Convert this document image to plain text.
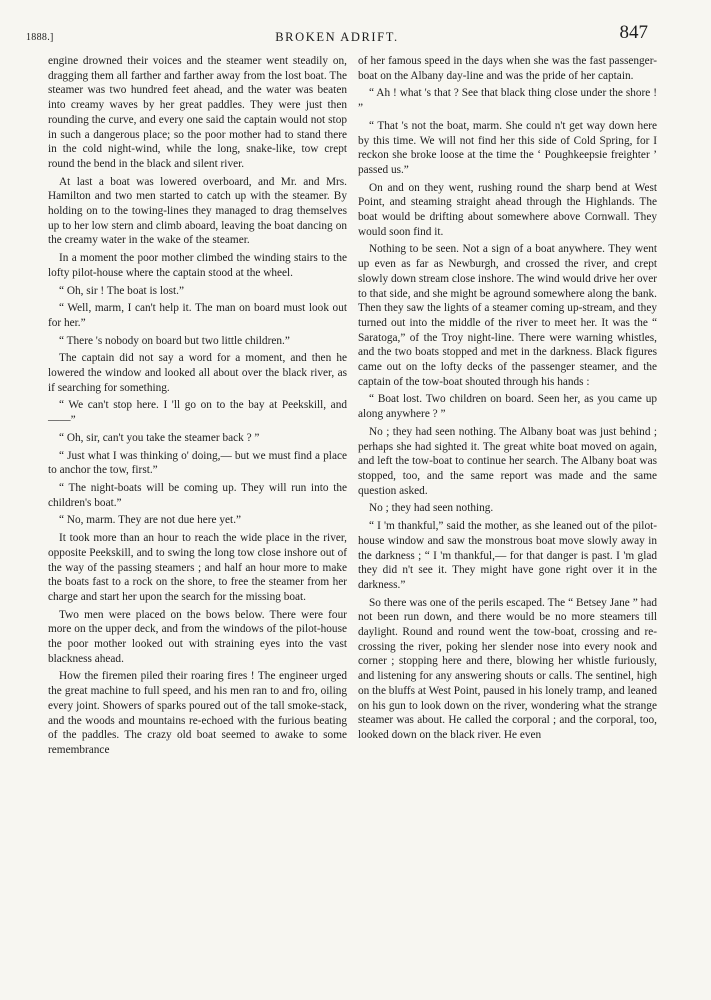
1888.]	BROKEN ADRIFT.	847

engine drowned their voices and the steamer went steadily on, dragging them all farther and farther away from the lost boat. The steamer was two hundred feet ahead, and the water was beaten into creamy waves by her great paddles. They were just then rounding the curve, and every one said the captain would not stop in such a dangerous place; so the poor mother had to stand there in the cold night-wind, while the long, snake-like, tow crept round the bend in the black and silent river.

At last a boat was lowered overboard, and Mr. and Mrs. Hamilton and two men started to catch up with the steamer. By holding on to the towing-lines they managed to drag themselves up to her low stern and climb aboard, leaving the boat dancing on the creamy water in the wake of the steamer.

In a moment the poor mother climbed the winding stairs to the lofty pilot-house where the captain stood at the wheel.

“ Oh, sir ! The boat is lost.”

“ Well, marm, I can't help it. The man on board must look out for her.”

“ There 's nobody on board but two little children.”

The captain did not say a word for a moment, and then he lowered the window and looked all about over the black river, as if searching for something.

“ We can't stop here. I 'll go on to the bay at Peekskill, and ——”

“ Oh, sir, can't you take the steamer back ? ”

“ Just what I was thinking o' doing,— but we must find a place to anchor the tow, first.”

“ The night-boats will be coming up. They will run into the children's boat.”

“ No, marm. They are not due here yet.”

It took more than an hour to reach the wide place in the river, opposite Peekskill, and to swing the long tow close inshore out of the way of the passing steamers ; and half an hour more to make the boats fast to a rock on the shore, to free the steamer from her charge and start her upon the search for the missing boat.

Two men were placed on the bows below. There were four more on the upper deck, and from the windows of the pilot-house the poor mother looked out with straining eyes into the vast blackness ahead.

How the firemen piled their roaring fires ! The engineer urged the great machine to full speed, and his men ran to and fro, oiling every joint. Showers of sparks poured out of the tall smoke-stack, and the woods and mountains re-echoed with the furious beating of the paddles. The crazy old boat seemed to awake to some remembrance

of her famous speed in the days when she was the fast passenger-boat on the Albany day-line and was the pride of her captain.

“ Ah ! what 's that ? See that black thing close under the shore ! ”

“ That 's not the boat, marm. She could n't get way down here by this time. We will not find her this side of Cold Spring, for I reckon she broke loose at the time the ‘ Poughkeepsie freighter ’ passed us.”

On and on they went, rushing round the sharp bend at West Point, and steaming straight ahead through the Highlands. The boat would be drifting about somewhere above Cornwall. They would soon find it.

Nothing to be seen. Not a sign of a boat anywhere. They went up even as far as Newburgh, and crossed the river, and crept slowly down stream close inshore. The wind would drive her over to that side, and she might be aground somewhere along the bank. Then they saw the lights of a steamer coming up-stream, and they turned out into the middle of the river to meet her. It was the “ Saratoga,” of the Troy night-line. There were warning whistles, and the two boats stopped and met in the darkness. Black figures came out on the lofty decks of the passenger steamer, and the captain of the tow-boat shouted through his hands :

“ Boat lost. Two children on board. Seen her, as you came up along anywhere ? ”

No ; they had seen nothing. The Albany boat was just behind ; perhaps she had sighted it. The great white boat moved on again, and left the tow-boat to continue her search. The Albany boat was stopped, too, and the same report was made and the same question asked.

No ; they had seen nothing.

“ I 'm thankful,” said the mother, as she leaned out of the pilot-house window and saw the monstrous boat move slowly away in the darkness ; “ I 'm thankful,— for that danger is past. I 'm glad they did n't see it. They might have gone right over it in the darkness.”

So there was one of the perils escaped. The “ Betsey Jane ” had not been run down, and there would be no more steamers till daylight. Round and round went the tow-boat, crossing and re-crossing the river, poking her slender nose into every nook and corner ; stopping here and there, blowing her whistle furiously, and listening for any answering shouts or calls. The sentinel, high on the bluffs at West Point, paused in his lonely tramp, and leaned on his gun to look down on the river, wondering what the strange steamer was about. He called the corporal ; and the corporal, too, looked down on the black river. He even
